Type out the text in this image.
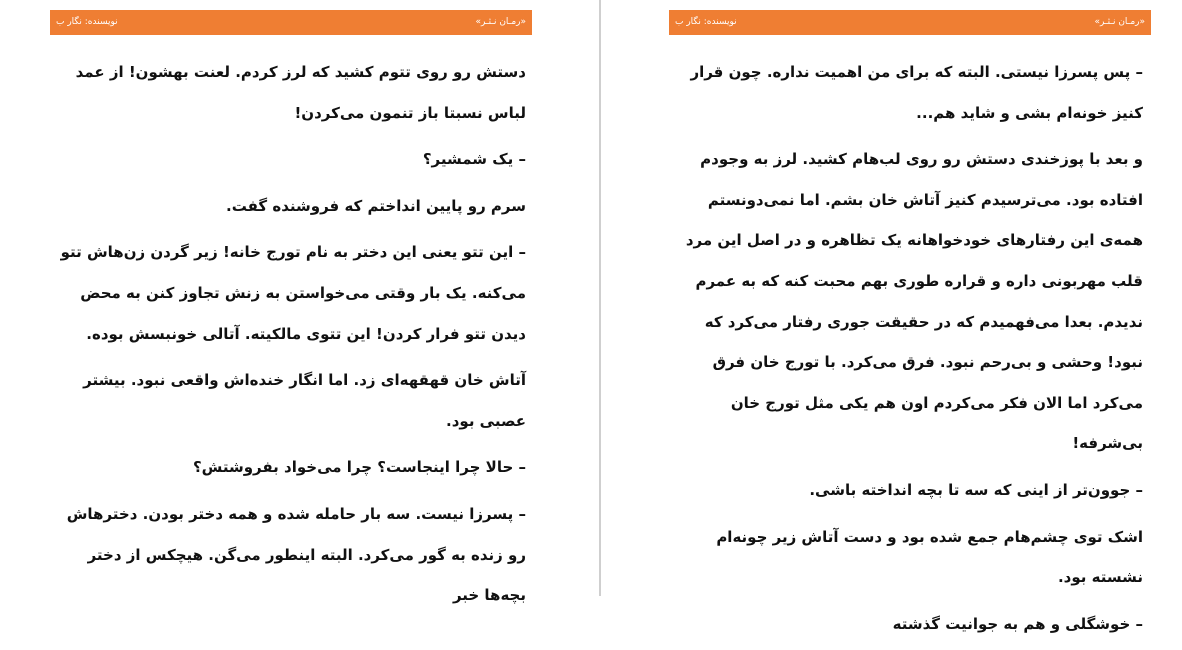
«رمـان نـثـر»
نویسنده: نگار ب

دستش رو روی تتوم کشید که لرز کردم. لعنت بهشون! از عمد لباس نسبتا باز تنمون می‌کردن!

– یک شمشیر؟

سرم رو پایین انداختم که فروشنده گفت.

– این تتو یعنی این دختر به نام تورج خانه! زیر گردن زن‌هاش تتو می‌کنه. یک بار وقتی می‌خواستن به زنش تجاوز کنن به محض دیدن تتو فرار کردن! این تتوی مالکیته. آتالی خونبسش بوده.

آتاش خان قهقهه‌ای زد. اما انگار خنده‌اش واقعی نبود. بیشتر عصبی بود.

– حالا چرا اینجاست؟ چرا می‌خواد بفروشتش؟

– پسرزا نیست. سه بار حامله شده و همه دختر بودن. دخترهاش رو زنده به گور می‌کرد. البته اینطور می‌گن. هیچکس از دختر بچه‌ها خبر

«رمـان نـثـر»
نویسنده: نگار ب

– پس پسرزا نیستی. البته که برای من اهمیت نداره. چون قرار کنیز خونه‌ام بشی و شاید هم...

و بعد با پوزخندی دستش رو روی لب‌هام کشید. لرز به وجودم افتاده بود. می‌ترسیدم کنیز آتاش خان بشم. اما نمی‌دونستم همه‌ی این رفتارهای خودخواهانه یک تظاهره و در اصل این مرد قلب مهربونی داره و قراره طوری بهم محبت کنه که به عمرم ندیدم. بعدا می‌فهمیدم که در حقیقت جوری رفتار می‌کرد که نبود! وحشی و بی‌رحم نبود. فرق می‌کرد. با تورج خان فرق می‌کرد اما الان فکر می‌کردم اون هم یکی مثل تورج خان بی‌شرفه!

– جوون‌تر از اینی که سه تا بچه انداخته باشی.

اشک توی چشم‌هام جمع شده بود و دست آتاش زیر چونه‌ام نشسته بود.

– خوشگلی و هم به جوانیت گذشته
